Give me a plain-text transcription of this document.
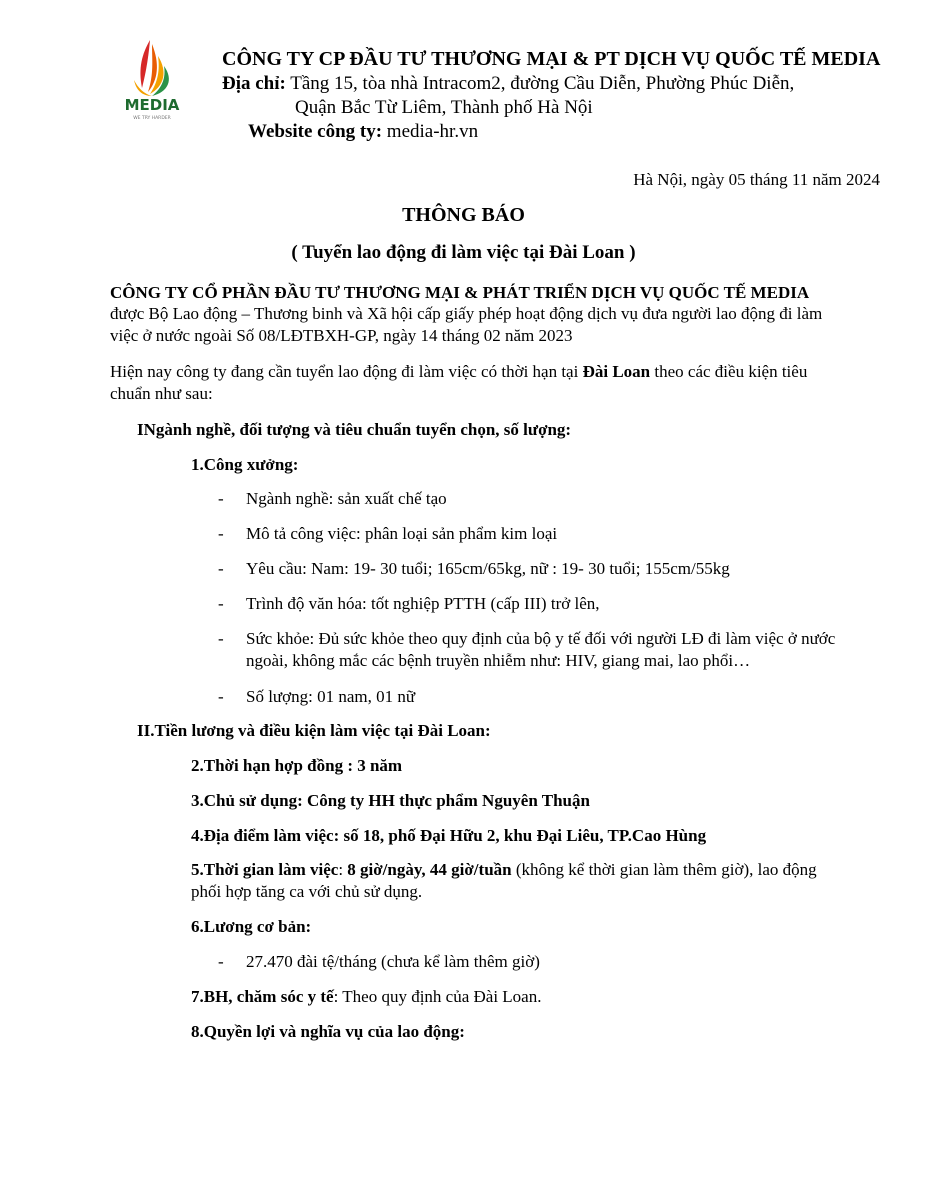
MEDIA
WE TRY HARDER
CÔNG TY CP ĐẦU TƯ THƯƠNG MẠI & PT DỊCH VỤ QUỐC TẾ MEDIA
Địa chỉ: Tầng 15, tòa nhà Intracom2, đường Cầu Diễn, Phường Phúc Diễn,
Quận Bắc Từ Liêm, Thành phố Hà Nội
Website công ty: media-hr.vn
Hà Nội, ngày 05 tháng 11 năm 2024
THÔNG BÁO
( Tuyển lao động đi làm việc tại Đài Loan )
CÔNG TY CỔ PHẦN ĐẦU TƯ THƯƠNG MẠI & PHÁT TRIỂN DỊCH VỤ QUỐC TẾ MEDIA
được Bộ Lao động – Thương binh và Xã hội cấp giấy phép hoạt động dịch vụ đưa người lao động đi làm
việc ở nước ngoài Số 08/LĐTBXH-GP, ngày 14 tháng 02 năm 2023
Hiện nay công ty đang cần tuyển lao động đi làm việc có thời hạn tại Đài Loan theo các điều kiện tiêu
chuẩn như sau:
INgành nghề, đối tượng và tiêu chuẩn tuyển chọn, số lượng:
1.Công xưởng:
- Ngành nghề: sản xuất chế tạo
- Mô tả công việc: phân loại sản phẩm kim loại
- Yêu cầu: Nam: 19- 30 tuổi; 165cm/65kg, nữ : 19- 30 tuổi; 155cm/55kg
- Trình độ văn hóa: tốt nghiệp PTTH (cấp III) trở lên,
- Sức khỏe: Đủ sức khỏe theo quy định của bộ y tế đối với người LĐ đi làm việc ở nước
ngoài, không mắc các bệnh truyền nhiễm như: HIV, giang mai, lao phổi…
- Số lượng: 01 nam, 01 nữ
II.Tiền lương và điều kiện làm việc tại Đài Loan:
2.Thời hạn hợp đồng : 3 năm
3.Chủ sử dụng: Công ty HH thực phẩm Nguyên Thuận
4.Địa điểm làm việc: số 18, phố Đại Hữu 2, khu Đại Liêu, TP.Cao Hùng
5.Thời gian làm việc: 8 giờ/ngày, 44 giờ/tuần (không kể thời gian làm thêm giờ), lao động
phối hợp tăng ca với chủ sử dụng.
6.Lương cơ bản:
- 27.470 đài tệ/tháng (chưa kể làm thêm giờ)
7.BH, chăm sóc y tế: Theo quy định của Đài Loan.
8.Quyền lợi và nghĩa vụ của lao động:
